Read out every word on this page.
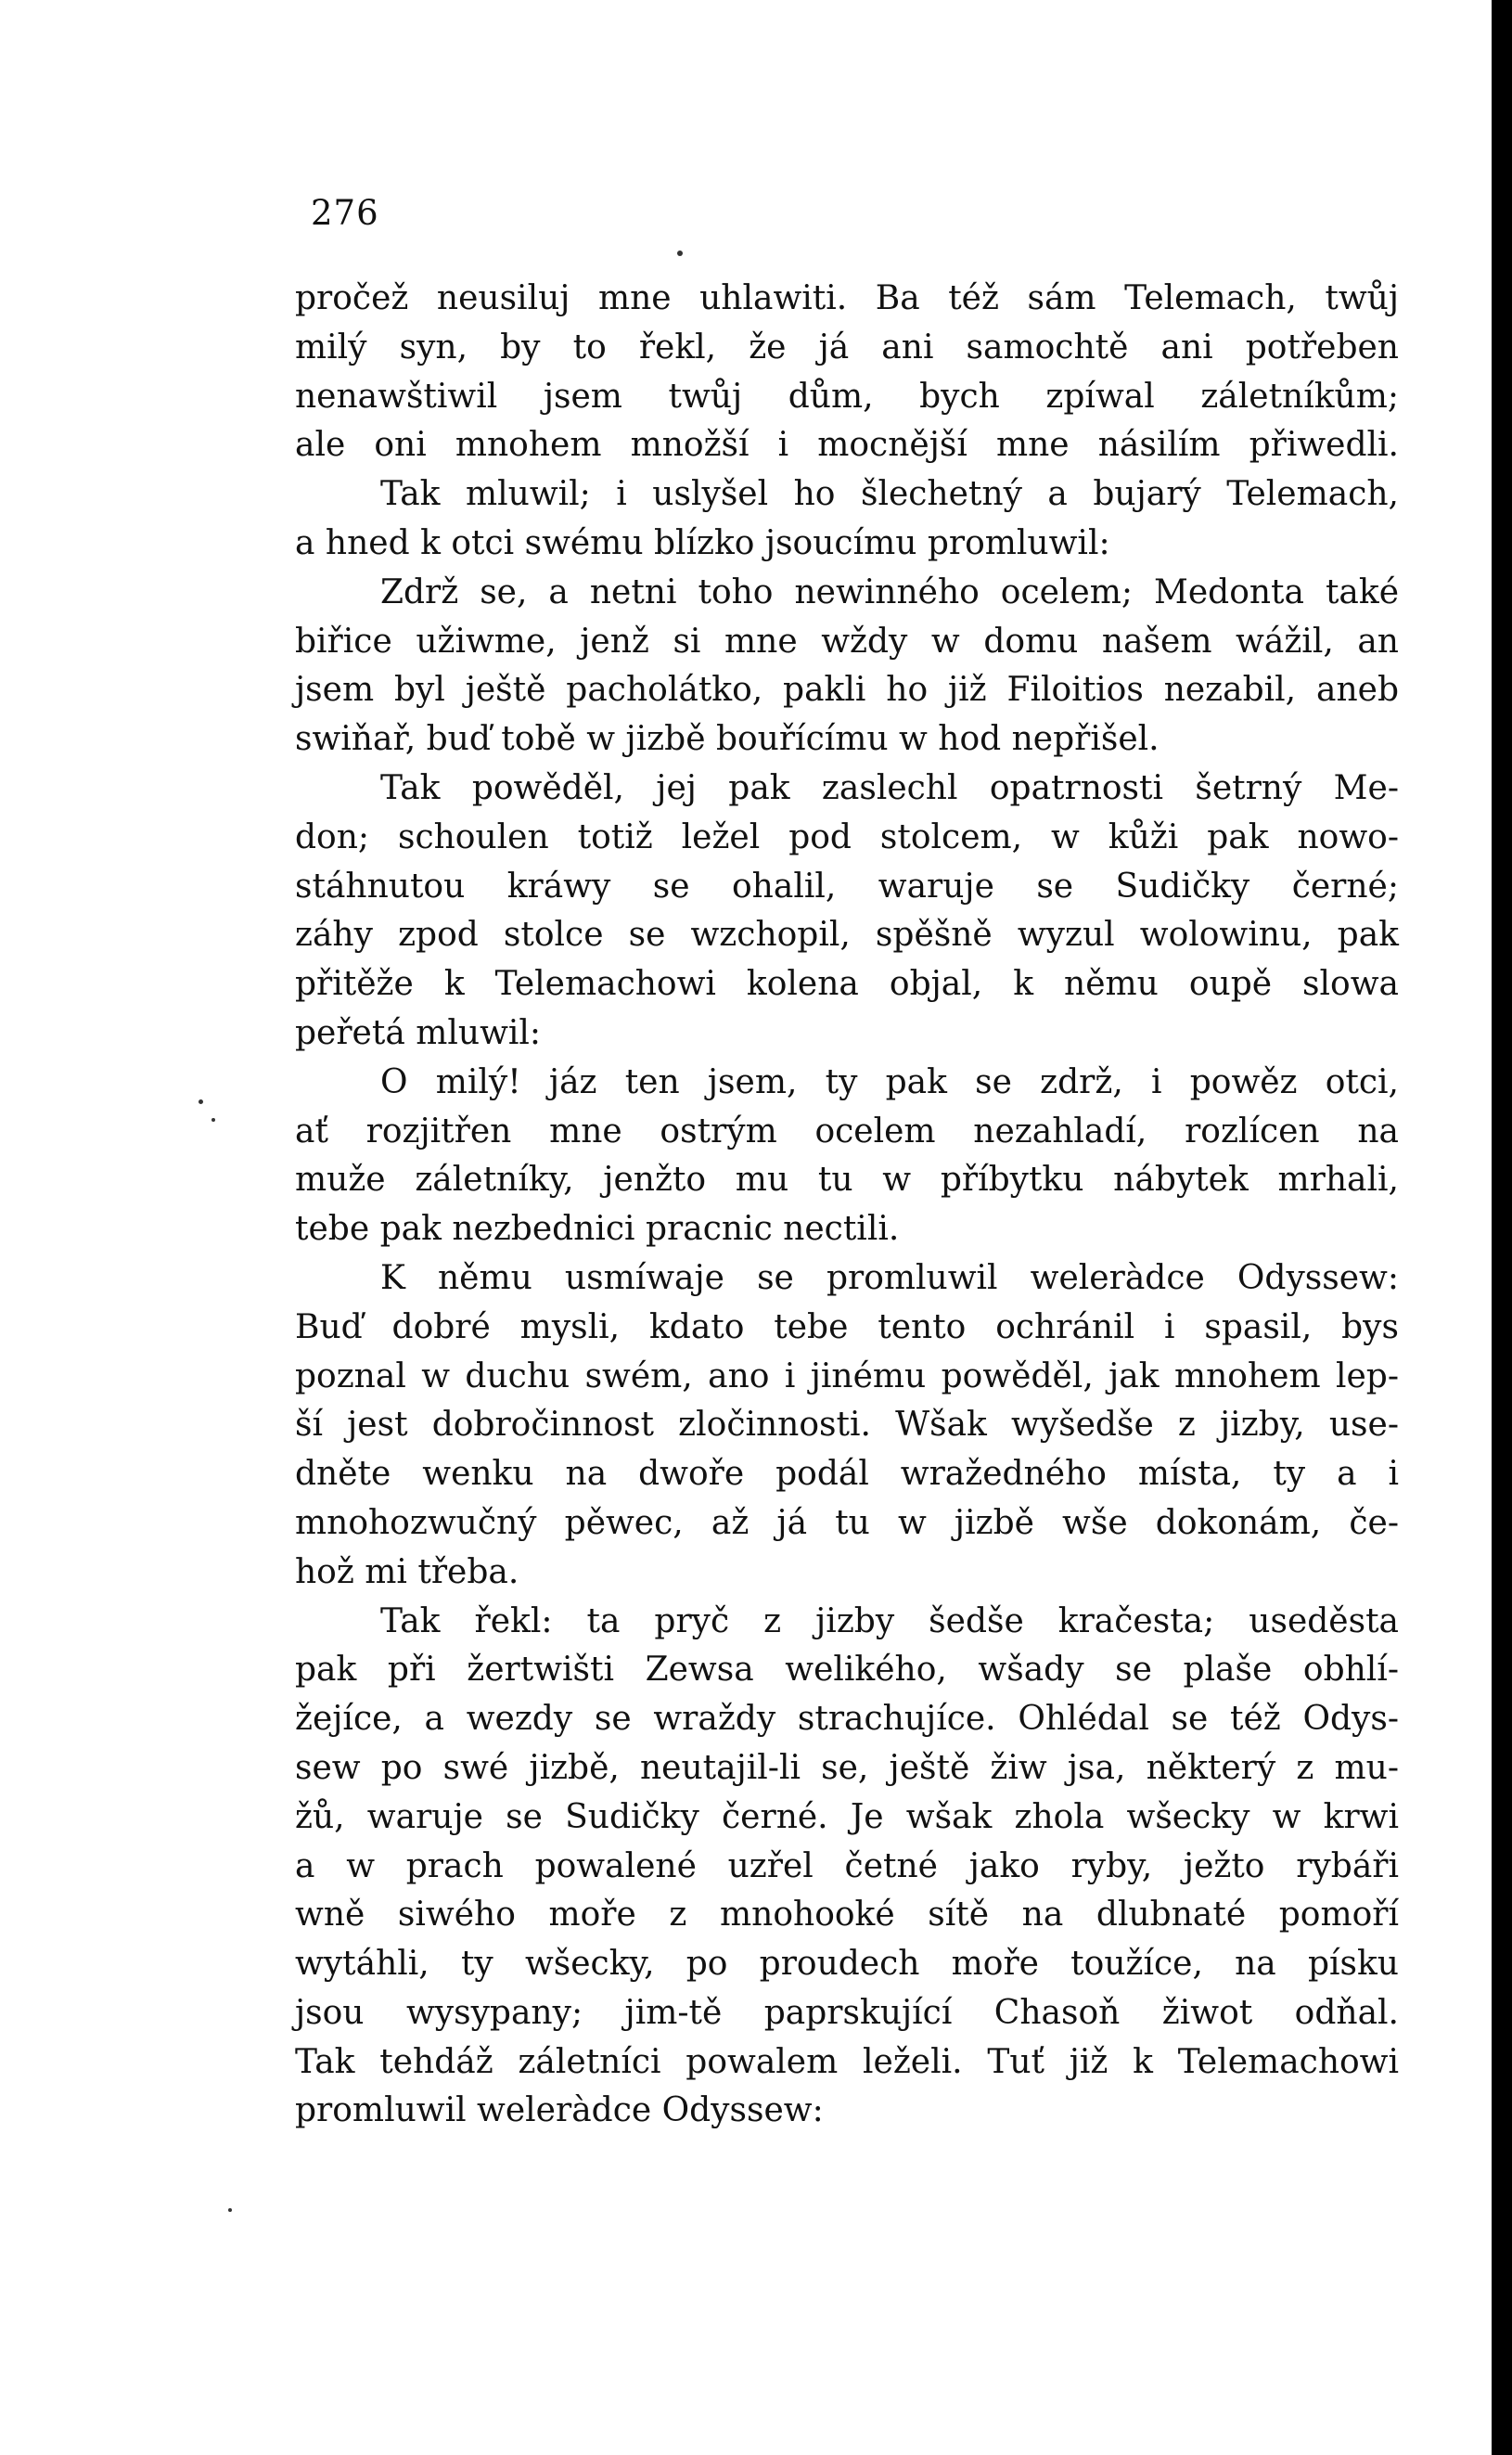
276
pročež neusiluj mne uhlawiti. Ba též sám Telemach, twůj
milý syn, by to řekl, že já ani samochtě ani potřeben
nenawštiwil jsem twůj dům, bych zpíwal záletníkům;
ale oni mnohem množší i mocnější mne násilím přiwedli.
Tak mluwil; i uslyšel ho šlechetný a bujarý Telemach,
a hned k otci swému blízko jsoucímu promluwil:
Zdrž se, a netni toho newinného ocelem; Medonta také
biřice užiwme, jenž si mne wždy w domu našem wážil, an
jsem byl ještě pacholátko, pakli ho již Filoitios nezabil, aneb
swiňař, buď tobě w jizbě bouřícímu w hod nepřišel.
Tak powěděl, jej pak zaslechl opatrnosti šetrný Me-
don; schoulen totiž ležel pod stolcem, w kůži pak nowo-
stáhnutou kráwy se ohalil, waruje se Sudičky černé;
záhy zpod stolce se wzchopil, spěšně wyzul wolowinu, pak
přitěže k Telemachowi kolena objal, k němu oupě slowa
peřetá mluwil:
O milý! jáz ten jsem, ty pak se zdrž, i powěz otci,
ať rozjitřen mne ostrým ocelem nezahladí, rozlícen na
muže záletníky, jenžto mu tu w příbytku nábytek mrhali,
tebe pak nezbednici pracnic nectili.
K němu usmíwaje se promluwil weleràdce Odyssew:
Buď dobré mysli, kdato tebe tento ochránil i spasil, bys
poznal w duchu swém, ano i jinému powěděl, jak mnohem lep-
ší jest dobročinnost zločinnosti. Wšak wyšedše z jizby, use-
dněte wenku na dwoře podál wražedného místa, ty a i
mnohozwučný pěwec, až já tu w jizbě wše dokonám, če-
hož mi třeba.
Tak řekl: ta pryč z jizby šedše kračesta; useděsta
pak při žertwišti Zewsa welikého, wšady se plaše obhlí-
žejíce, a wezdy se wraždy strachujíce. Ohlédal se též Odys-
sew po swé jizbě, neutajil-li se, ještě žiw jsa, některý z mu-
žů, waruje se Sudičky černé. Je wšak zhola wšecky w krwi
a w prach powalené uzřel četné jako ryby, ježto rybáři
wně siwého moře z mnohooké sítě na dlubnaté pomoří
wytáhli, ty wšecky, po proudech moře toužíce, na písku
jsou wysypany; jim-tě paprskující Chasoň žiwot odňal.
Tak tehdáž záletníci powalem leželi. Tuť již k Telemachowi
promluwil weleràdce Odyssew:
